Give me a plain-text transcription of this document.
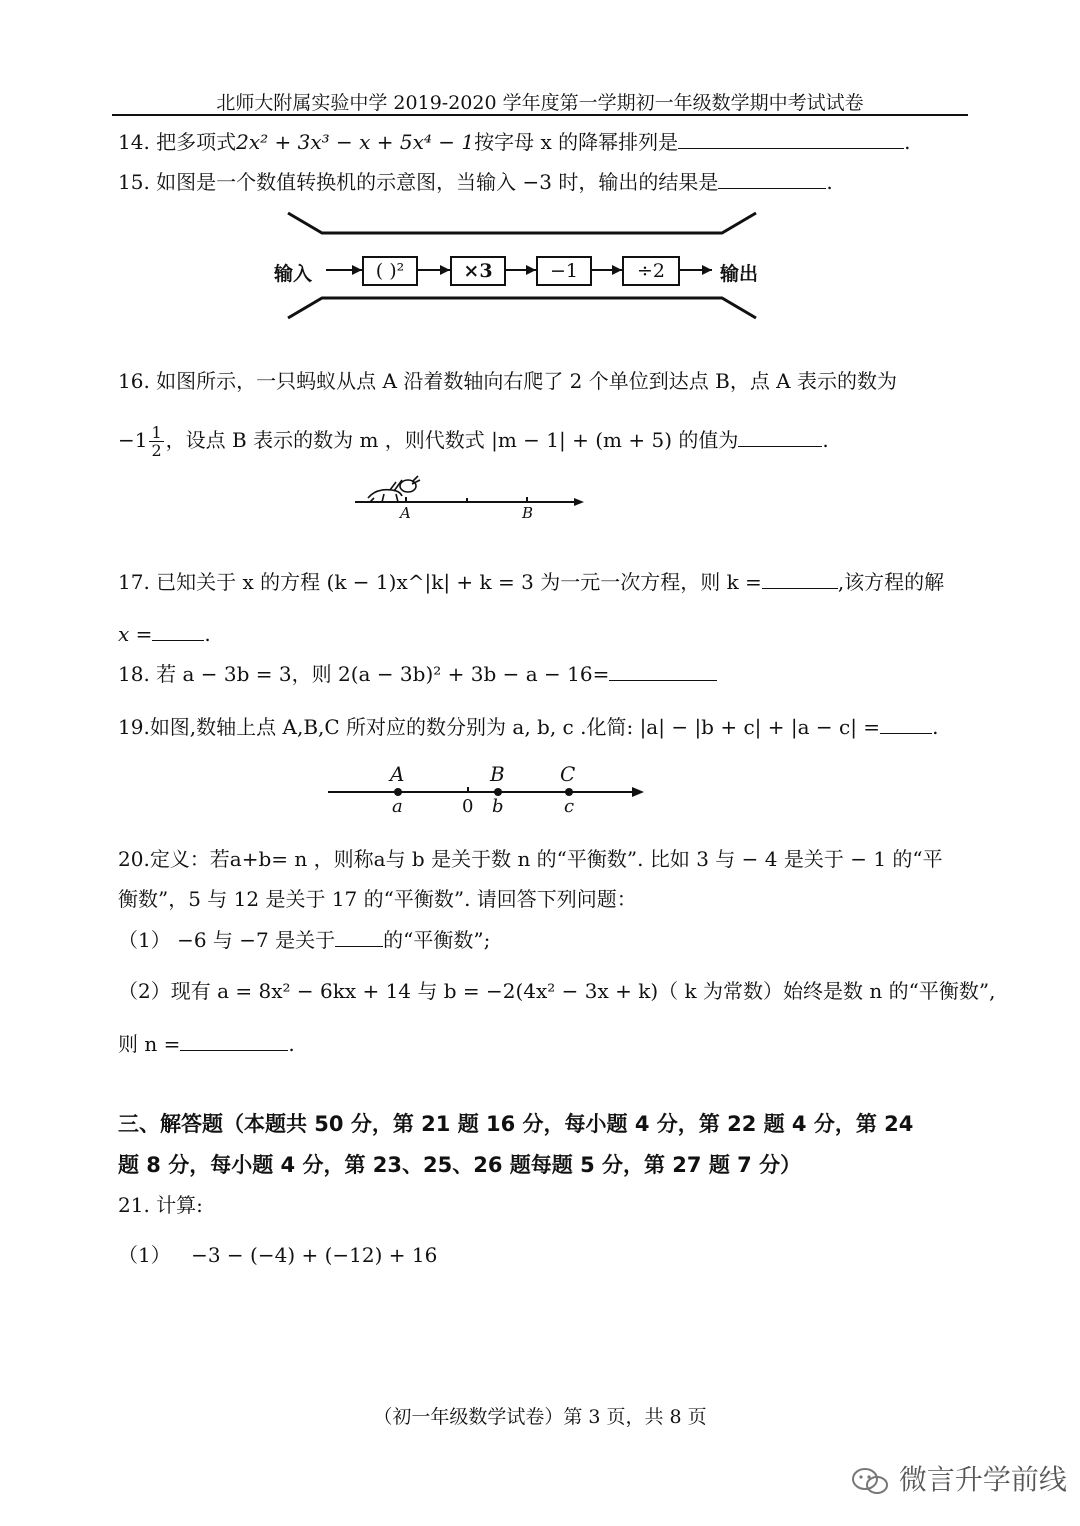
北师大附属实验中学 2019-2020 学年度第一学期初一年级数学期中考试试卷
14. 把多项式2x² + 3x³ − x + 5x⁴ − 1按字母 x 的降幂排列是	.
15. 如图是一个数值转换机的示意图，当输入 −3 时，输出的结果是	.
输入	输出
( )²	×3	−1	÷2
16. 如图所示，一只蚂蚁从点 A 沿着数轴向右爬了 2 个单位到达点 B，点 A 表示的数为
$-1 \frac{1}{2}$ ，设点 B 表示的数为 m ，则代数式 |m − 1| + (m + 5) 的值为	.
A	B
17. 已知关于 x 的方程 (k − 1)x^|k| + k = 3 为一元一次方程，则 k =	,该方程的解
x =	.
18. 若 a − 3b = 3，则 2(a − 3b)² + 3b − a − 16=
19.如图,数轴上点 A,B,C 所对应的数分别为 a, b, c .化简: |a| − |b + c| + |a − c| =	.
A	B	C
a	b	c
0
20.定义：若a+b= n ，则称a与 b 是关于数 n 的“平衡数”. 比如 3 与 − 4 是关于 − 1 的“平
衡数”，5 与 12 是关于 17 的“平衡数”. 请回答下列问题：
（1） −6 与 −7 是关于 的“平衡数”;
（2）现有 a = 8x² − 6kx + 14 与 b = −2(4x² − 3x + k)（ k 为常数）始终是数 n 的“平衡数”,
则 n =	.
三、解答题（本题共 50 分，第 21 题 16 分，每小题 4 分，第 22 题 4 分，第 24
题 8 分，每小题 4 分，第 23、25、26 题每题 5 分，第 27 题 7 分）
21. 计算:
（1） −3 − (−4) + (−12) + 16
（初一年级数学试卷）第 3 页，共 8 页
微言升学前线
